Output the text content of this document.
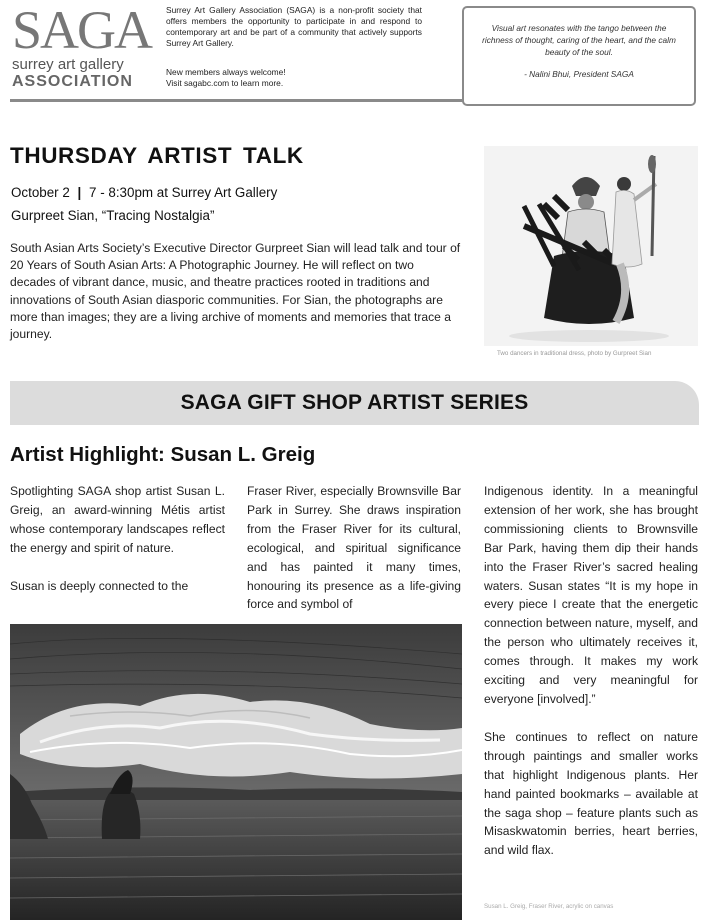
SAGA
surrey art gallery
ASSOCIATION
Surrey Art Gallery Association (SAGA) is a non-profit society that offers members the opportunity to participate in and respond to contemporary art and be part of a community that actively supports Surrey Art Gallery.
New members always welcome!
Visit sagabc.com to learn more.
Visual art resonates with the tango between the richness of thought, caring of the heart, and the calm beauty of the soul.
- Nalini Bhui, President SAGA
THURSDAY ARTIST TALK
October 2 | 7 - 8:30pm at Surrey Art Gallery
Gurpreet Sian, “Tracing Nostalgia”
South Asian Arts Society’s Executive Director Gurpreet Sian will lead talk and tour of 20 Years of South Asian Arts: A Photographic Journey. He will reflect on two decades of vibrant dance, music, and theatre practices rooted in traditions and innovations of South Asian diasporic communities. For Sian, the photographs are more than images; they are a living archive of moments and memories that trace a journey.
Two dancers in traditional dress, photo by Gurpreet Sian
SAGA GIFT SHOP ARTIST SERIES
Artist Highlight: Susan L. Greig
Spotlighting SAGA shop artist Susan L. Greig, an award-winning Métis artist whose contemporary landscapes reflect the energy and spirit of nature.
Susan is deeply connected to the
Fraser River, especially Brownsville Bar Park in Surrey. She draws inspiration from the Fraser River for its cultural, ecological, and spiritual significance and has painted it many times, honouring its presence as a life-giving force and symbol of
Indigenous identity. In a meaningful extension of her work, she has brought commissioning clients to Brownsville Bar Park, having them dip their hands into the Fraser River’s sacred healing waters. Susan states “It is my hope in every piece I create that the energetic connection between nature, myself, and the person who ultimately receives it, comes through. It makes my work exciting and very meaningful for everyone [involved].”
She continues to reflect on nature through paintings and smaller works that highlight Indigenous plants. Her hand painted bookmarks – available at the saga shop – feature plants such as Misaskwatomin berries, heart berries, and wild flax.
Susan L. Greig, Fraser River, acrylic on canvas
